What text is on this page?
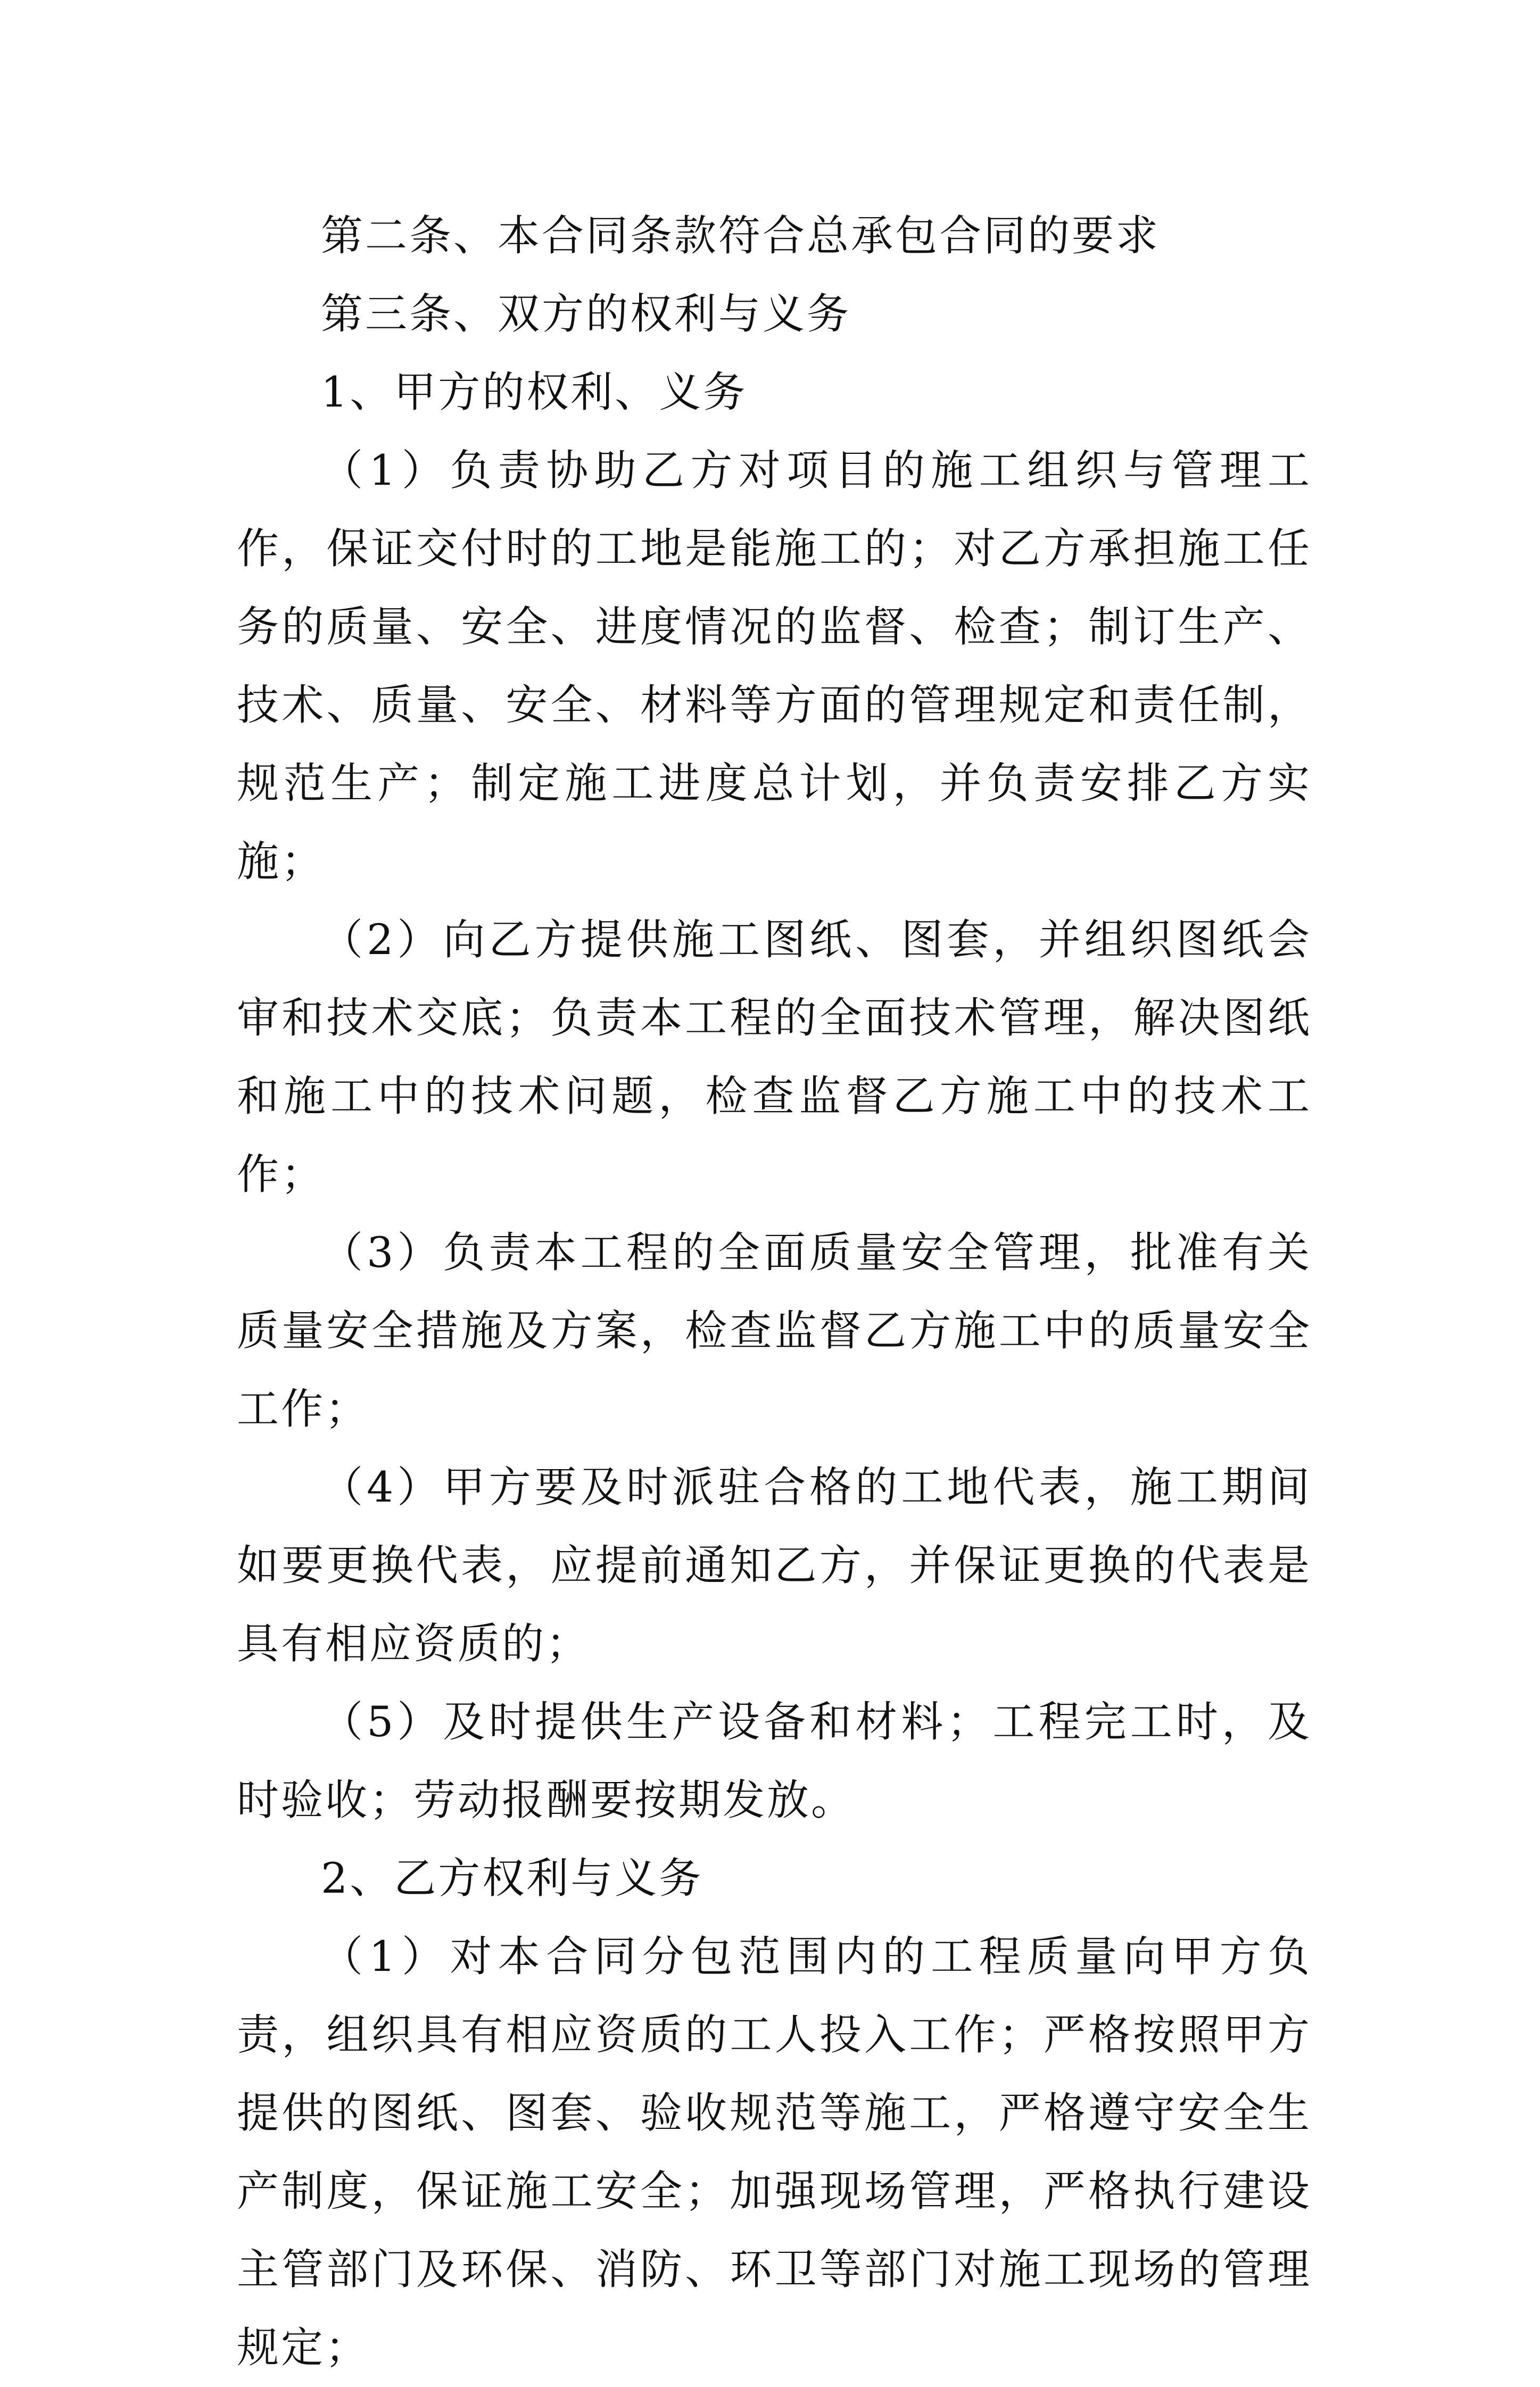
第二条、本合同条款符合总承包合同的要求

第三条、双方的权利与义务

1、甲方的权利、义务

（1）负责协助乙方对项目的施工组织与管理工作，保证交付时的工地是能施工的；对乙方承担施工任务的质量、安全、进度情况的监督、检查；制订生产、技术、质量、安全、材料等方面的管理规定和责任制，规范生产；制定施工进度总计划，并负责安排乙方实施；

（2）向乙方提供施工图纸、图套，并组织图纸会审和技术交底；负责本工程的全面技术管理，解决图纸和施工中的技术问题，检查监督乙方施工中的技术工作；

（3）负责本工程的全面质量安全管理，批准有关质量安全措施及方案，检查监督乙方施工中的质量安全工作；

（4）甲方要及时派驻合格的工地代表，施工期间如要更换代表，应提前通知乙方，并保证更换的代表是具有相应资质的；

（5）及时提供生产设备和材料；工程完工时，及时验收；劳动报酬要按期发放。

2、乙方权利与义务

（1）对本合同分包范围内的工程质量向甲方负责，组织具有相应资质的工人投入工作；严格按照甲方提供的图纸、图套、验收规范等施工，严格遵守安全生产制度，保证施工安全；加强现场管理，严格执行建设主管部门及环保、消防、环卫等部门对施工现场的管理规定；
